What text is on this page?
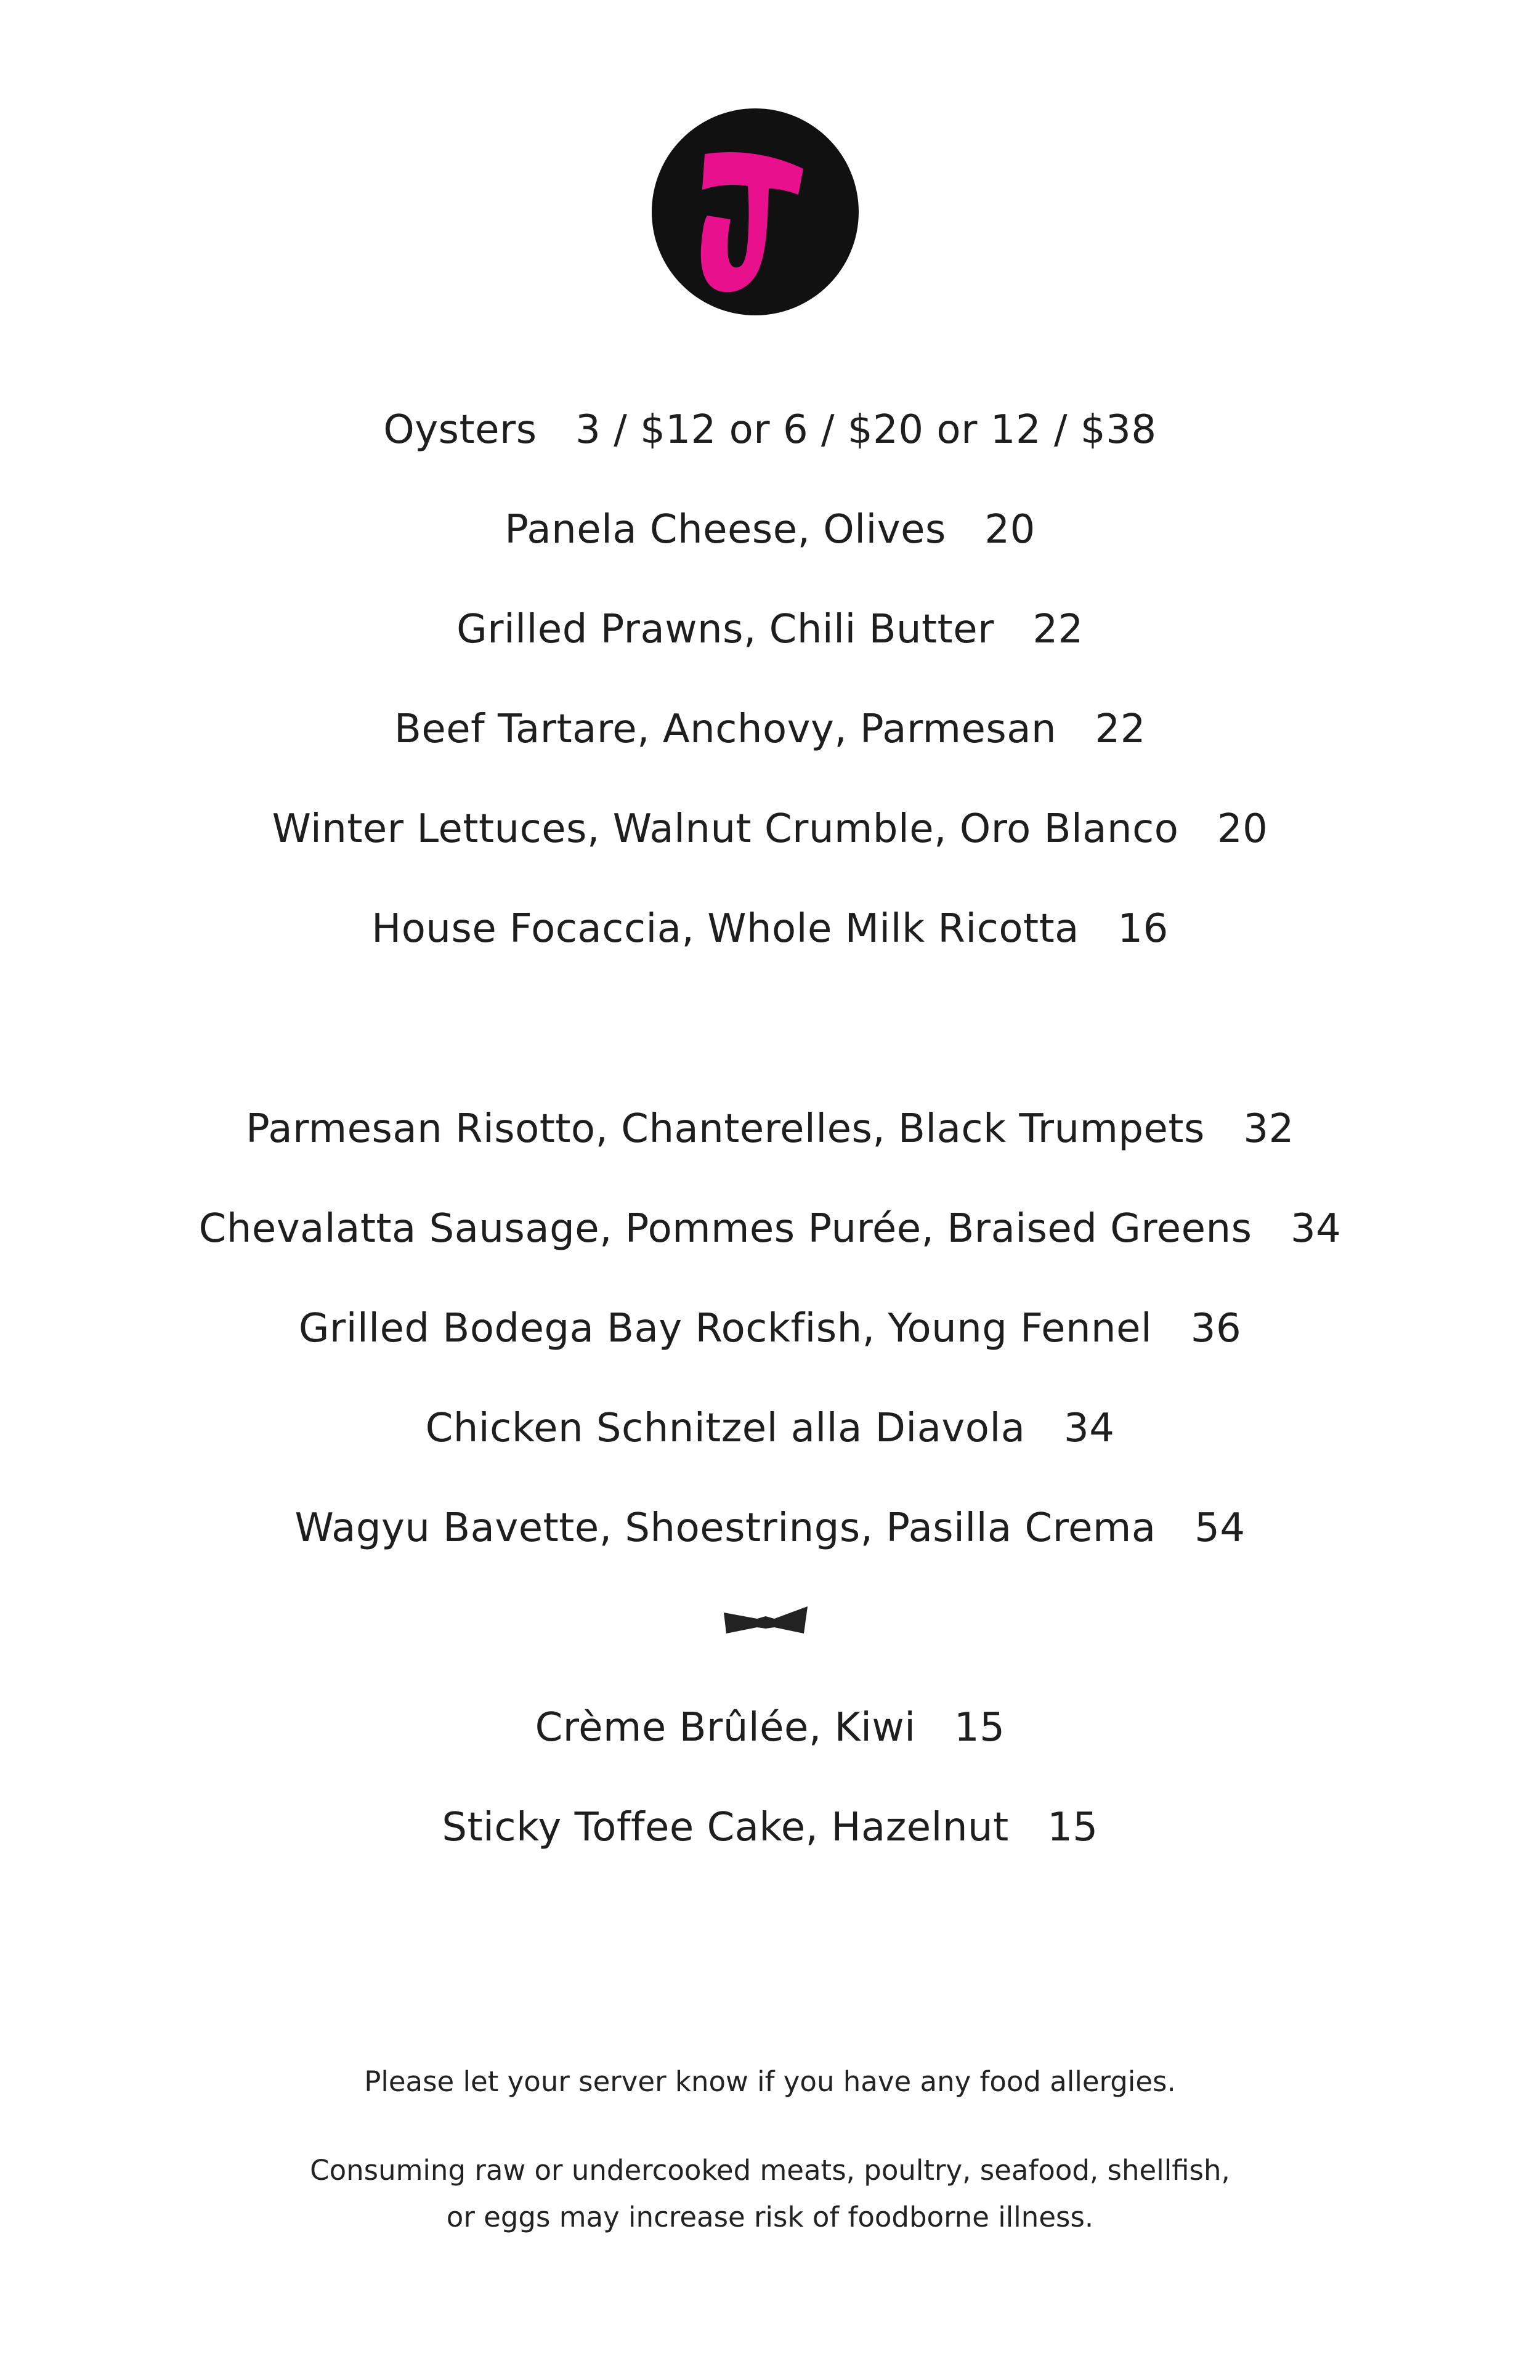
Oysters   3 / $12 or 6 / $20 or 12 / $38
Panela Cheese, Olives   20
Grilled Prawns, Chili Butter   22
Beef Tartare, Anchovy, Parmesan   22
Winter Lettuces, Walnut Crumble, Oro Blanco   20
House Focaccia, Whole Milk Ricotta   16
Parmesan Risotto, Chanterelles, Black Trumpets   32
Chevalatta Sausage, Pommes Purée, Braised Greens   34
Grilled Bodega Bay Rockfish, Young Fennel   36
Chicken Schnitzel alla Diavola   34
Wagyu Bavette, Shoestrings, Pasilla Crema   54
Crème Brûlée, Kiwi   15
Sticky Toffee Cake, Hazelnut   15
Please let your server know if you have any food allergies.
Consuming raw or undercooked meats, poultry, seafood, shellfish,
or eggs may increase risk of foodborne illness.
